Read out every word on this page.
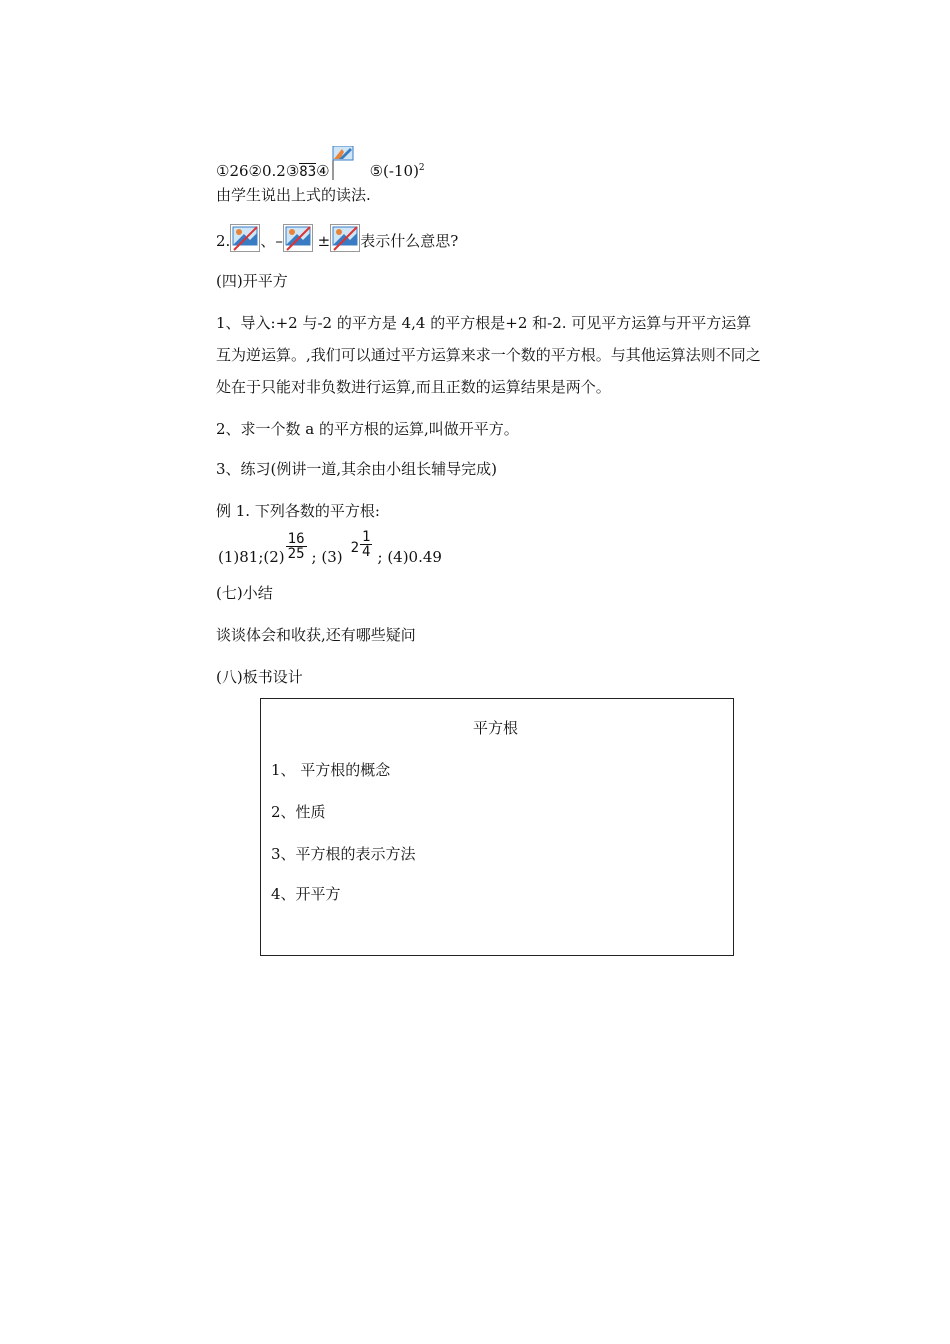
①26②0.2③83④	$⑤(-10)^2$
由学生说出上式的读法.
2. 、– ± 表示什么意思?
(四)开平方
1、导入:+2 与-2 的平方是 4,4 的平方根是+2 和-2. 可见平方运算与开平方运算
互为逆运算。,我们可以通过平方运算来求一个数的平方根。与其他运算法则不同之
处在于只能对非负数进行运算,而且正数的运算结果是两个。
2、求一个数 a 的平方根的运算,叫做开平方。
3、练习(例讲一道,其余由小组长辅导完成)
例 1. 下列各数的平方根:
(1)81;(2) $\frac{16}{25}$ ; (3) $2 \frac{1}{4}$ ; (4)0.49
(七)小结
谈谈体会和收获,还有哪些疑问
(八)板书设计
平方根
1、 平方根的概念
2、性质
3、平方根的表示方法
4、开平方
